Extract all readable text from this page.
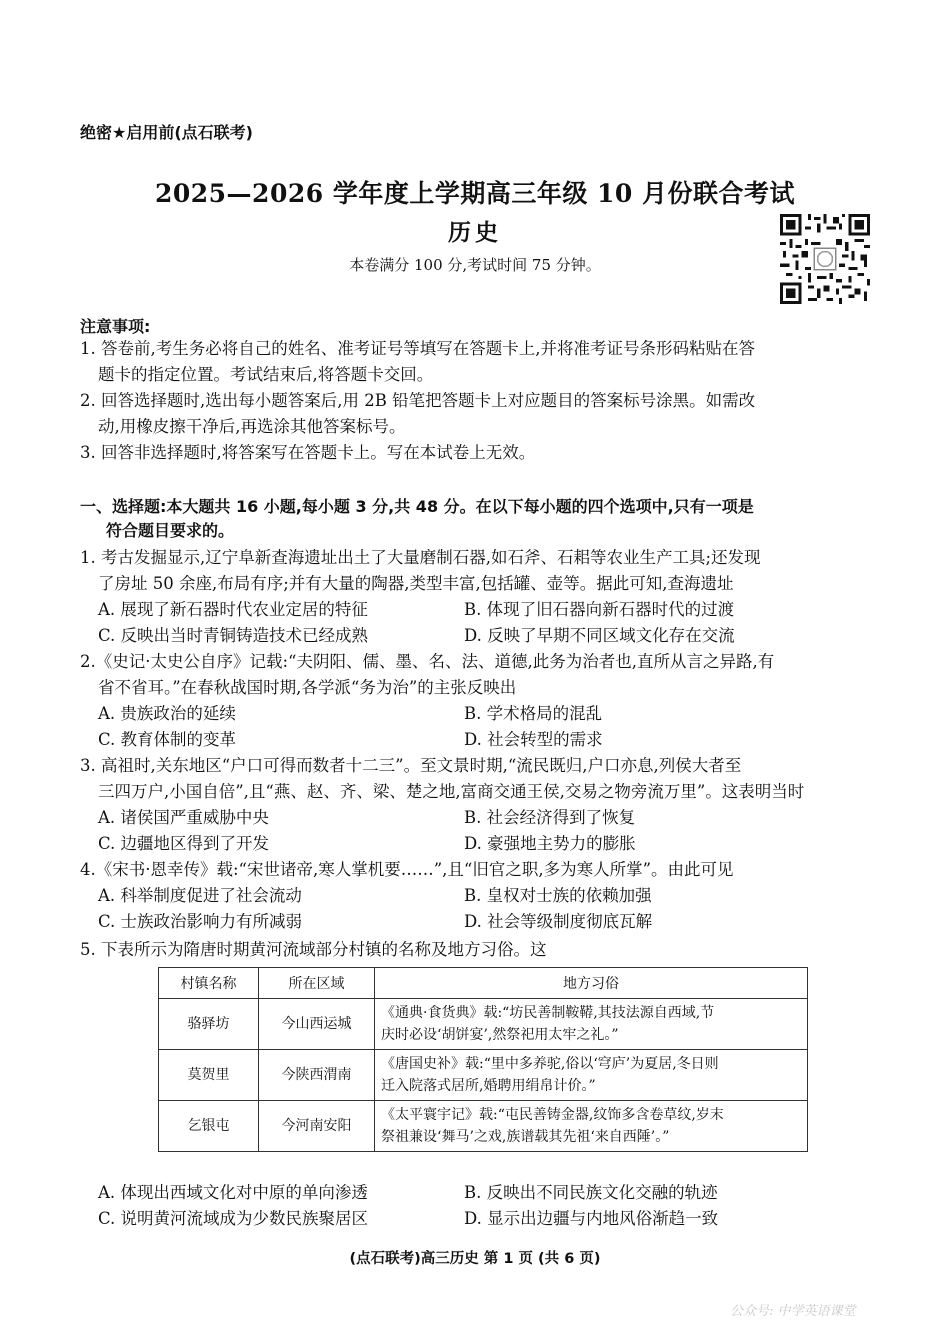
绝密★启用前(点石联考)
2025—2026 学年度上学期高三年级 10 月份联合考试
历史
本卷满分 100 分,考试时间 75 分钟。
注意事项:
1. 答卷前,考生务必将自己的姓名、准考证号等填写在答题卡上,并将准考证号条形码粘贴在答
题卡的指定位置。考试结束后,将答题卡交回。
2. 回答选择题时,选出每小题答案后,用 2B 铅笔把答题卡上对应题目的答案标号涂黑。如需改
动,用橡皮擦干净后,再选涂其他答案标号。
3. 回答非选择题时,将答案写在答题卡上。写在本试卷上无效。
一、选择题:本大题共 16 小题,每小题 3 分,共 48 分。在以下每小题的四个选项中,只有一项是
符合题目要求的。
1. 考古发掘显示,辽宁阜新查海遗址出土了大量磨制石器,如石斧、石耜等农业生产工具;还发现
了房址 50 余座,布局有序;并有大量的陶器,类型丰富,包括罐、壶等。据此可知,查海遗址
A. 展现了新石器时代农业定居的特征	B. 体现了旧石器向新石器时代的过渡
C. 反映出当时青铜铸造技术已经成熟	D. 反映了早期不同区域文化存在交流
2.《史记·太史公自序》记载:“夫阴阳、儒、墨、名、法、道德,此务为治者也,直所从言之异路,有
省不省耳。”在春秋战国时期,各学派“务为治”的主张反映出
A. 贵族政治的延续	B. 学术格局的混乱
C. 教育体制的变革	D. 社会转型的需求
3. 高祖时,关东地区“户口可得而数者十二三”。至文景时期,“流民既归,户口亦息,列侯大者至
三四万户,小国自倍”,且“燕、赵、齐、梁、楚之地,富商交通王侯,交易之物旁流万里”。这表明当时
A. 诸侯国严重威胁中央	B. 社会经济得到了恢复
C. 边疆地区得到了开发	D. 豪强地主势力的膨胀
4.《宋书·恩幸传》载:“宋世诸帝,寒人掌机要……”,且“旧官之职,多为寒人所掌”。由此可见
A. 科举制度促进了社会流动	B. 皇权对士族的依赖加强
C. 士族政治影响力有所减弱	D. 社会等级制度彻底瓦解
5. 下表所示为隋唐时期黄河流域部分村镇的名称及地方习俗。这
村镇名称	所在区域	地方习俗
骆驿坊	今山西运城	《通典·食货典》载:“坊民善制鞍鞯,其技法源自西域,节
庆时必设‘胡饼宴’,然祭祀用太牢之礼。”

莫贺里	今陕西渭南	《唐国史补》载:“里中多养驼,俗以‘穹庐’为夏居,冬日则
迁入院落式居所,婚聘用绢帛计价。”

乞银屯	今河南安阳	《太平寰宇记》载:“屯民善铸金器,纹饰多含卷草纹,岁末
祭祖兼设‘舞马’之戏,族谱载其先祖‘来自西陲’。”
A. 体现出西域文化对中原的单向渗透	B. 反映出不同民族文化交融的轨迹
C. 说明黄河流域成为少数民族聚居区	D. 显示出边疆与内地风俗渐趋一致
(点石联考)高三历史 第 1 页 (共 6 页)
公众号: 中学英语课堂
